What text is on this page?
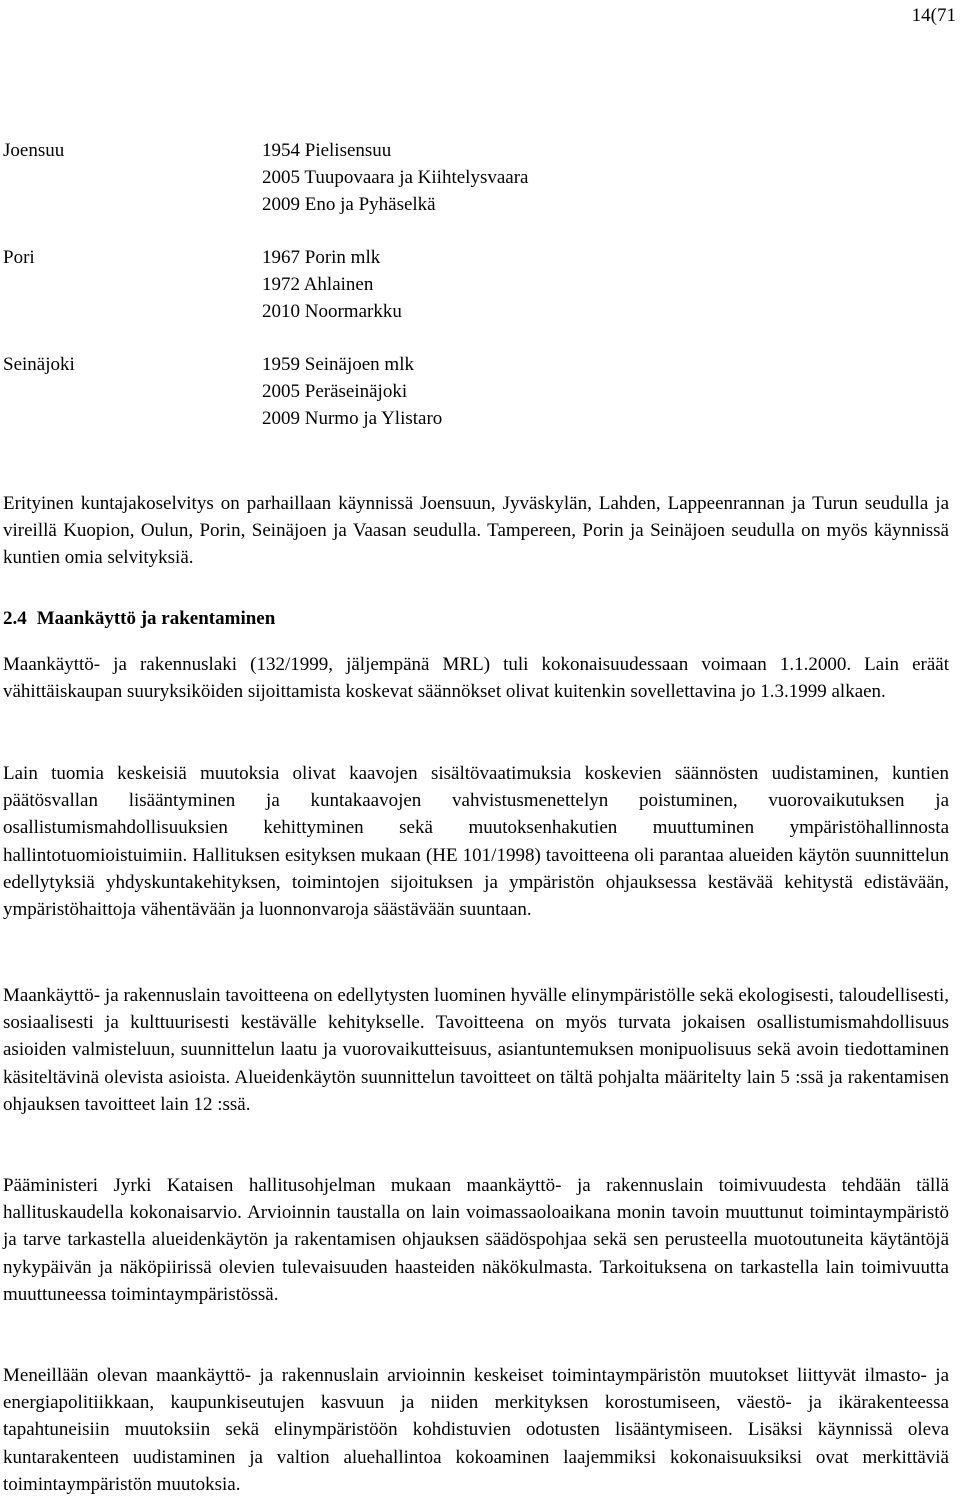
14(71
Joensuu	1954 Pielisensuu
2005 Tuupovaara ja Kiihtelysvaara
2009 Eno ja Pyhäselkä
Pori	1967 Porin mlk
1972 Ahlainen
2010 Noormarkku
Seinäjoki	1959 Seinäjoen mlk
2005 Peräseinäjoki
2009 Nurmo ja Ylistaro

Erityinen kuntajakoselvitys on parhaillaan käynnissä Joensuun, Jyväskylän, Lahden, Lappeenrannan ja Turun seudulla ja vireillä Kuopion, Oulun, Porin, Seinäjoen ja Vaasan seudulla. Tampereen, Porin ja Seinäjoen seudulla on myös käynnissä kuntien omia selvityksiä.

2.4 Maankäyttö ja rakentaminen

Maankäyttö- ja rakennuslaki (132/1999, jäljempänä MRL) tuli kokonaisuudessaan voimaan 1.1.2000. Lain eräät vähittäiskaupan suuryksiköiden sijoittamista koskevat säännökset olivat kuitenkin sovellettavina jo 1.3.1999 alkaen.

Lain tuomia keskeisiä muutoksia olivat kaavojen sisältövaatimuksia koskevien säännösten uudistaminen, kuntien päätösvallan lisääntyminen ja kuntakaavojen vahvistusmenettelyn poistuminen, vuorovaikutuksen ja osallistumismahdollisuuksien kehittyminen sekä muutoksenhakutien muuttuminen ympäristöhallinnosta hallintotuomioistuimiin. Hallituksen esityksen mukaan (HE 101/1998) tavoitteena oli parantaa alueiden käytön suunnittelun edellytyksiä yhdyskuntakehityksen, toimintojen sijoituksen ja ympäristön ohjauksessa kestävää kehitystä edistävään, ympäristöhaittoja vähentävään ja luonnonvaroja säästävään suuntaan.

Maankäyttö- ja rakennuslain tavoitteena on edellytysten luominen hyvälle elinympäristölle sekä ekologisesti, taloudellisesti, sosiaalisesti ja kulttuurisesti kestävälle kehitykselle. Tavoitteena on myös turvata jokaisen osallistumismahdollisuus asioiden valmisteluun, suunnittelun laatu ja vuorovaikutteisuus, asiantuntemuksen monipuolisuus sekä avoin tiedottaminen käsiteltävinä olevista asioista. Alueidenkäytön suunnittelun tavoitteet on tältä pohjalta määritelty lain 5 :ssä ja rakentamisen ohjauksen tavoitteet lain 12 :ssä.

Pääministeri Jyrki Kataisen hallitusohjelman mukaan maankäyttö- ja rakennuslain toimivuudesta tehdään tällä hallituskaudella kokonaisarvio. Arvioinnin taustalla on lain voimassaoloaikana monin tavoin muuttunut toimintaympäristö ja tarve tarkastella alueidenkäytön ja rakentamisen ohjauksen säädöspohjaa sekä sen perusteella muotoutuneita käytäntöjä nykypäivän ja näköpiirissä olevien tulevaisuuden haasteiden näkökulmasta. Tarkoituksena on tarkastella lain toimivuutta muuttuneessa toimintaympäristössä.

Meneillään olevan maankäyttö- ja rakennuslain arvioinnin keskeiset toimintaympäristön muutokset liittyvät ilmasto- ja energiapolitiikkaan, kaupunkiseutujen kasvuun ja niiden merkityksen korostumiseen, väestö- ja ikärakenteessa tapahtuneisiin muutoksiin sekä elinympäristöön kohdistuvien odotusten lisääntymiseen. Lisäksi käynnissä oleva kuntarakenteen uudistaminen ja valtion aluehallintoa kokoaminen laajemmiksi kokonaisuuksiksi ovat merkittäviä toimintaympäristön muutoksia.
